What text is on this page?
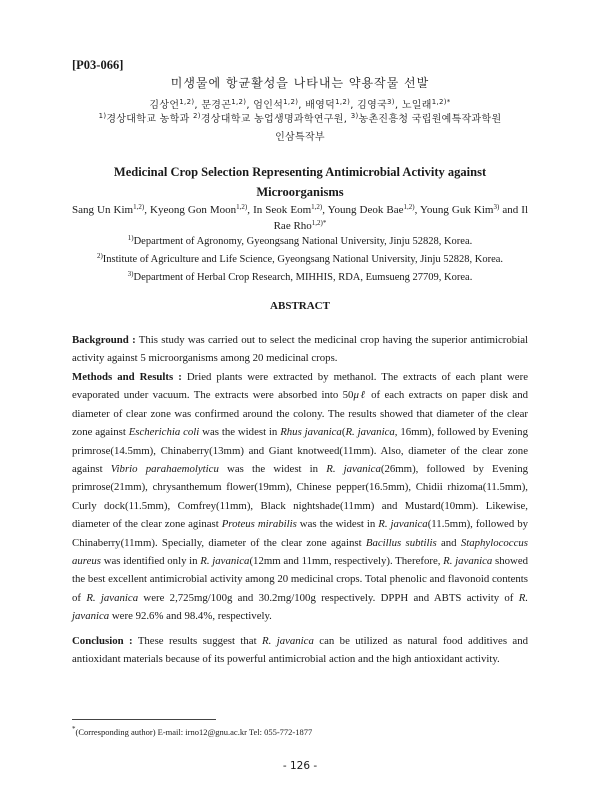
[P03-066]
미생물에 항균활성을 나타내는 약용작물 선발
김상언$^{1,2)}$, 문경곤$^{1,2)}$, 엄인석$^{1,2)}$, 배영덕$^{1,2)}$, 김영국$^{3)}$, 노일래$^{1,2)*}$
$^{1)}$경상대학교 농학과 $^{2)}$경상대학교 농업생명과학연구원, $^{3)}$농촌진흥청 국립원예특작과학원
인삼특작부
Medicinal Crop Selection Representing Antimicrobial Activity against Microorganisms
Sang Un Kim$^{1,2)}$, Kyeong Gon Moon$^{1,2)}$, In Seok Eom$^{1,2)}$, Young Deok Bae$^{1,2)}$, Young Guk Kim$^{3)}$ and Il Rae Rho$^{1,2)*}$
$^{1)}$Department of Agronomy, Gyeongsang National University, Jinju 52828, Korea.
$^{2)}$Institute of Agriculture and Life Science, Gyeongsang National University, Jinju 52828, Korea.
$^{3)}$Department of Herbal Crop Research, MIHHIS, RDA, Eumsueng 27709, Korea.
ABSTRACT
Background : This study was carried out to select the medicinal crop having the superior antimicrobial activity against 5 microorganisms among 20 medicinal crops.
Methods and Results : Dried plants were extracted by methanol. The extracts of each plant were evaporated under vacuum. The extracts were absorbed into 50μℓ of each extracts on paper disk and diameter of clear zone was confirmed around the colony. The results showed that diameter of the clear zone against Escherichia coli was the widest in Rhus javanica(R. javanica, 16mm), followed by Evening primrose(14.5mm), Chinaberry(13mm) and Giant knotweed(11mm). Also, diameter of the clear zone against Vibrio parahaemolyticu was the widest in R. javanica(26mm), followed by Evening primrose(21mm), chrysanthemum flower(19mm), Chinese pepper(16.5mm), Chidii rhizoma(11.5mm), Curly dock(11.5mm), Comfrey(11mm), Black nightshade(11mm) and Mustard(10mm). Likewise, diameter of the clear zone aginast Proteus mirabilis was the widest in R. javanica(11.5mm), followed by Chinaberry(11mm). Specially, diameter of the clear zone against Bacillus subtilis and Staphylococcus aureus was identified only in R. javanica(12mm and 11mm, respectively). Therefore, R. javanica showed the best excellent antimicrobial activity among 20 medicinal crops. Total phenolic and flavonoid contents of R. javanica were 2,725mg/100g and 30.2mg/100g respectively. DPPH and ABTS activity of R. javanica were 92.6% and 98.4%, respectively.
Conclusion : These results suggest that R. javanica can be utilized as natural food additives and antioxidant materials because of its powerful antimicrobial action and the high antioxidant activity.
*(Corresponding author) E-mail: irno12@gnu.ac.kr Tel: 055-772-1877
- 126 -
